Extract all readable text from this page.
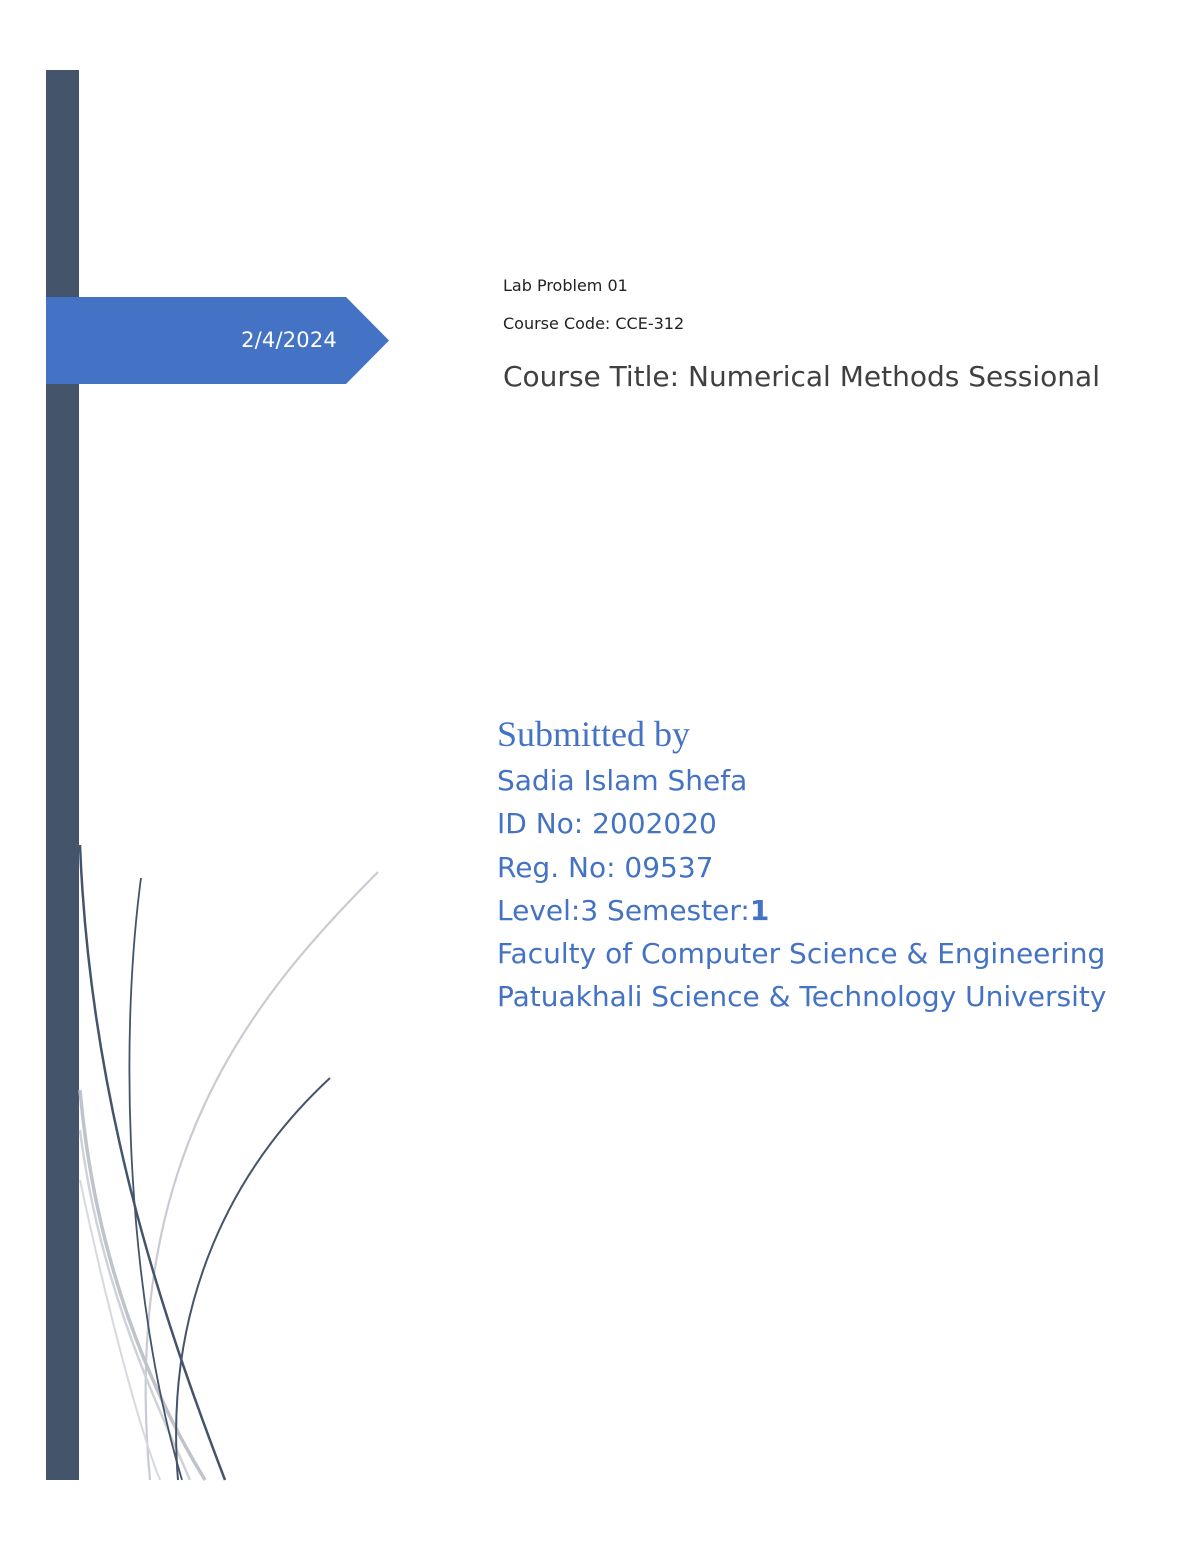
2/4/2024
Lab Problem 01
Course Code: CCE-312
Course Title: Numerical Methods Sessional
Submitted by
Sadia Islam Shefa
ID No: 2002020
Reg. No: 09537
Level:3 Semester:1
Faculty of Computer Science & Engineering
Patuakhali Science & Technology University
